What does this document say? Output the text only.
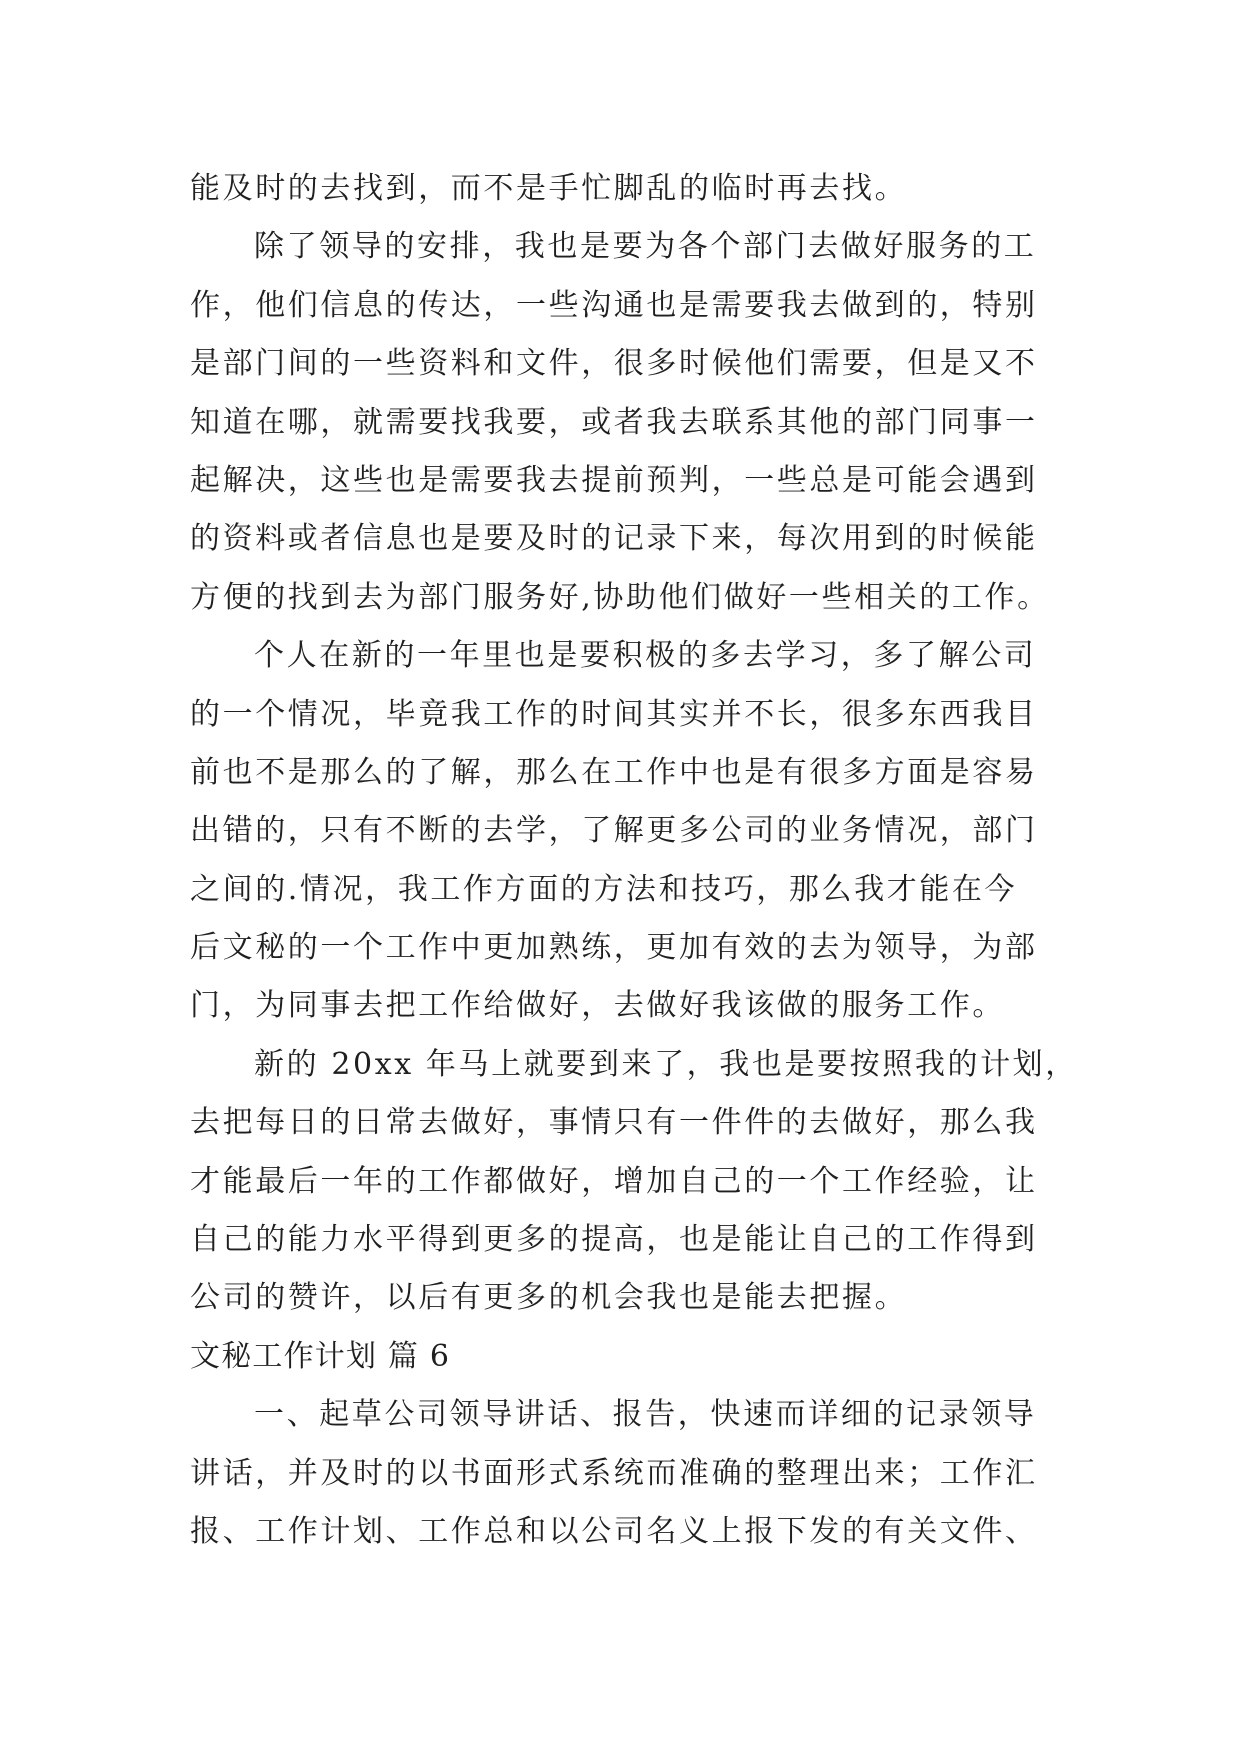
能及时的去找到，而不是手忙脚乱的临时再去找。
除了领导的安排，我也是要为各个部门去做好服务的工
作，他们信息的传达，一些沟通也是需要我去做到的，特别
是部门间的一些资料和文件，很多时候他们需要，但是又不
知道在哪，就需要找我要，或者我去联系其他的部门同事一
起解决，这些也是需要我去提前预判，一些总是可能会遇到
的资料或者信息也是要及时的记录下来，每次用到的时候能
方便的找到去为部门服务好,协助他们做好一些相关的工作。
个人在新的一年里也是要积极的多去学习，多了解公司
的一个情况，毕竟我工作的时间其实并不长，很多东西我目
前也不是那么的了解，那么在工作中也是有很多方面是容易
出错的，只有不断的去学，了解更多公司的业务情况，部门
之间的.情况，我工作方面的方法和技巧，那么我才能在今
后文秘的一个工作中更加熟练，更加有效的去为领导，为部
门，为同事去把工作给做好，去做好我该做的服务工作。
新的 20xx 年马上就要到来了，我也是要按照我的计划，
去把每日的日常去做好，事情只有一件件的去做好，那么我
才能最后一年的工作都做好，增加自己的一个工作经验，让
自己的能力水平得到更多的提高，也是能让自己的工作得到
公司的赞许，以后有更多的机会我也是能去把握。
文秘工作计划 篇 6
一、起草公司领导讲话、报告，快速而详细的记录领导
讲话，并及时的以书面形式系统而准确的整理出来；工作汇
报、工作计划、工作总和以公司名义上报下发的有关文件、
